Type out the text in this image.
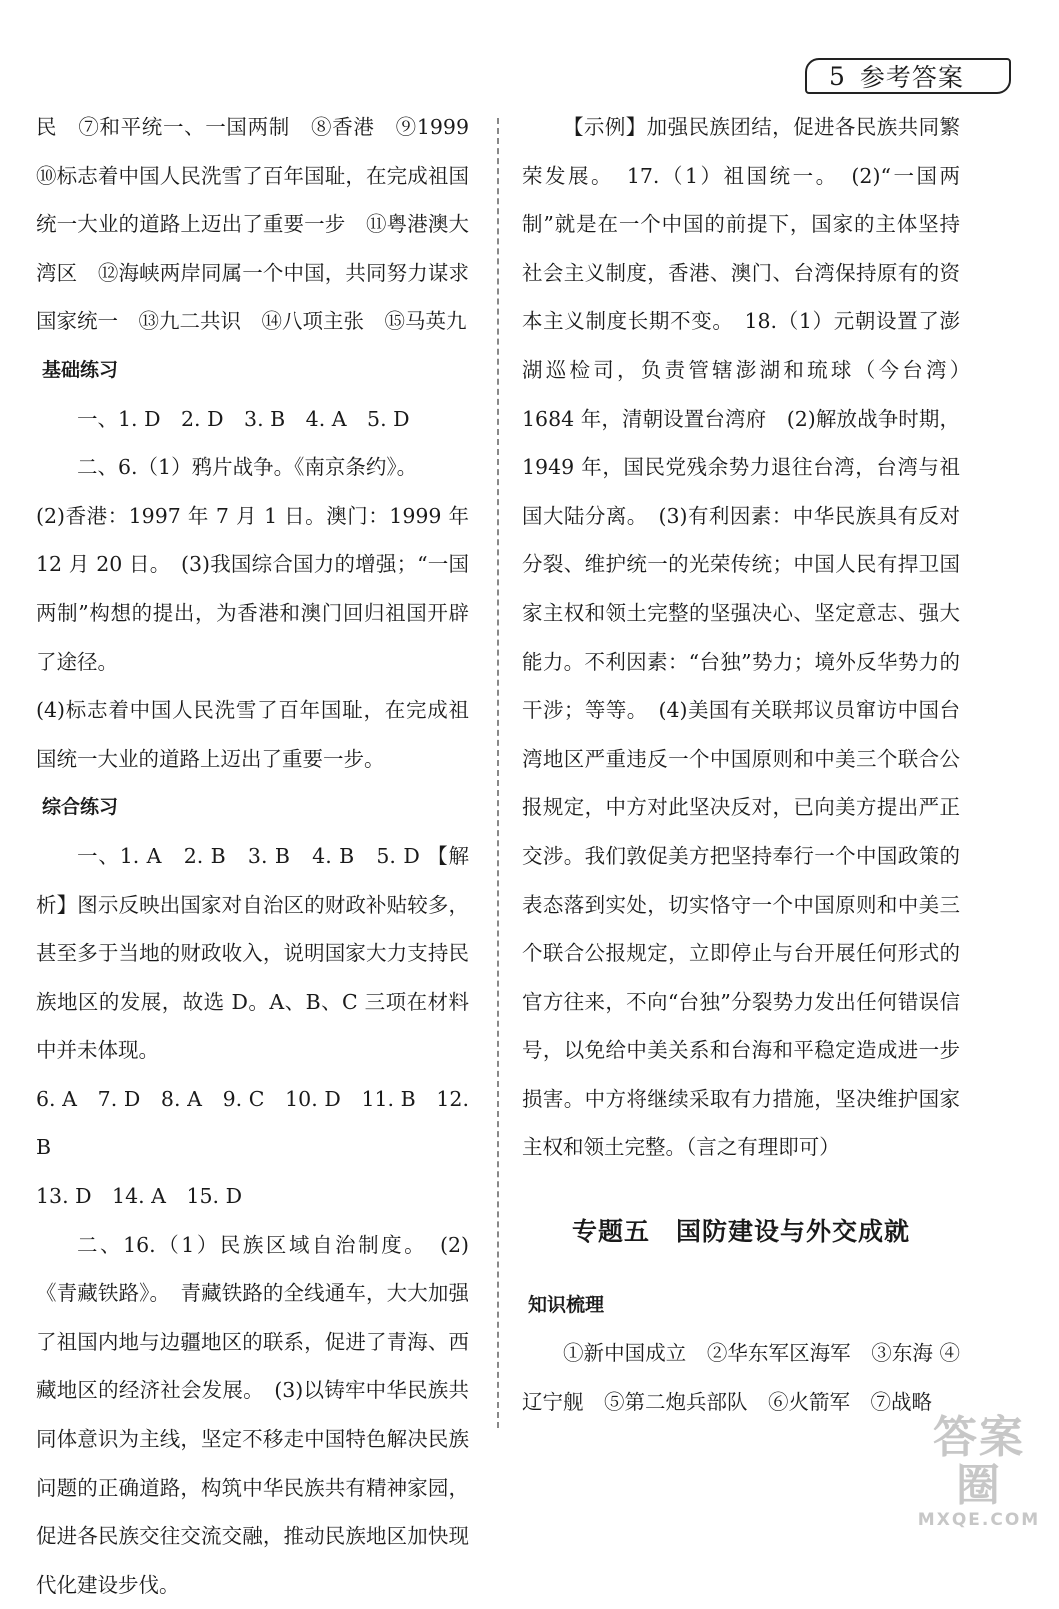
5 参考答案

民　⑦和平统一、一国两制　⑧香港　⑨1999 ⑩标志着中国人民洗雪了百年国耻，在完成祖国统一大业的道路上迈出了重要一步　⑪粤港澳大湾区　⑫海峡两岸同属一个中国，共同努力谋求国家统一　⑬九二共识　⑭八项主张　⑮马英九

基础练习

一、1. D　2. D　3. B　4. A　5. D

二、6.（1）鸦片战争。《南京条约》。

(2)香港：1997 年 7 月 1 日。澳门：1999 年 12 月 20 日。　(3)我国综合国力的增强；“一国两制”构想的提出，为香港和澳门回归祖国开辟了途径。

(4)标志着中国人民洗雪了百年国耻，在完成祖国统一大业的道路上迈出了重要一步。

综合练习

一、1. A　2. B　3. B　4. B　5. D 【解析】图示反映出国家对自治区的财政补贴较多，甚至多于当地的财政收入，说明国家大力支持民族地区的发展，故选 D。A、B、C 三项在材料中并未体现。

6. A　7. D　8. A　9. C　10. D　11. B　12. B

13. D　14. A　15. D

二、16.（1）民族区域自治制度。　(2)《青藏铁路》。　青藏铁路的全线通车，大大加强了祖国内地与边疆地区的联系，促进了青海、西藏地区的经济社会发展。　(3)以铸牢中华民族共同体意识为主线，坚定不移走中国特色解决民族问题的正确道路，构筑中华民族共有精神家园，促进各民族交往交流交融，推动民族地区加快现代化建设步伐。

【示例】加强民族团结，促进各民族共同繁荣发展。　17.（1）祖国统一。　(2)“一国两制”就是在一个中国的前提下，国家的主体坚持社会主义制度，香港、澳门、台湾保持原有的资本主义制度长期不变。　18.（1）元朝设置了澎湖巡检司，负责管辖澎湖和琉球（今台湾）　1684 年，清朝设置台湾府　(2)解放战争时期，1949 年，国民党残余势力退往台湾，台湾与祖国大陆分离。　(3)有利因素：中华民族具有反对分裂、维护统一的光荣传统；中国人民有捍卫国家主权和领土完整的坚强决心、坚定意志、强大能力。不利因素：“台独”势力；境外反华势力的干涉；等等。　(4)美国有关联邦议员窜访中国台湾地区严重违反一个中国原则和中美三个联合公报规定，中方对此坚决反对，已向美方提出严正交涉。我们敦促美方把坚持奉行一个中国政策的表态落到实处，切实恪守一个中国原则和中美三个联合公报规定，立即停止与台开展任何形式的官方往来，不向“台独”分裂势力发出任何错误信号，以免给中美关系和台海和平稳定造成进一步损害。中方将继续采取有力措施，坚决维护国家主权和领土完整。（言之有理即可）

专题五　国防建设与外交成就

知识梳理

①新中国成立　②华东军区海军　③东海 ④辽宁舰　⑤第二炮兵部队　⑥火箭军　⑦战略

答案圈
MXQE.COM
